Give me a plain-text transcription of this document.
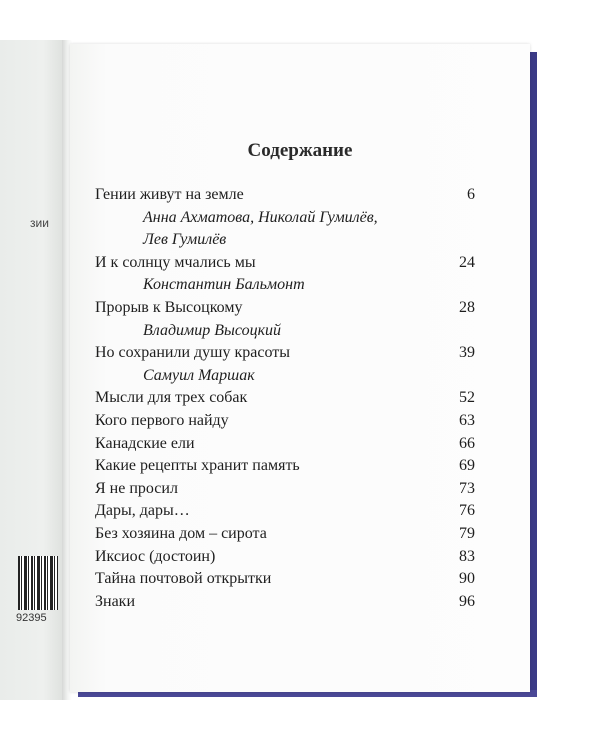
зии
92395
Содержание
Гении живут на земле	6
Анна Ахматова, Николай Гумилёв,
Лев Гумилёв
И к солнцу мчались мы	24
Константин Бальмонт
Прорыв к Высоцкому	28
Владимир Высоцкий
Но сохранили душу красоты	39
Самуил Маршак
Мысли для трех собак	52
Кого первого найду	63
Канадские ели	66
Какие рецепты хранит память	69
Я не просил	73
Дары, дары…	76
Без хозяина дом – сирота	79
Иксиос (достоин)	83
Тайна почтовой открытки	90
Знаки	96
